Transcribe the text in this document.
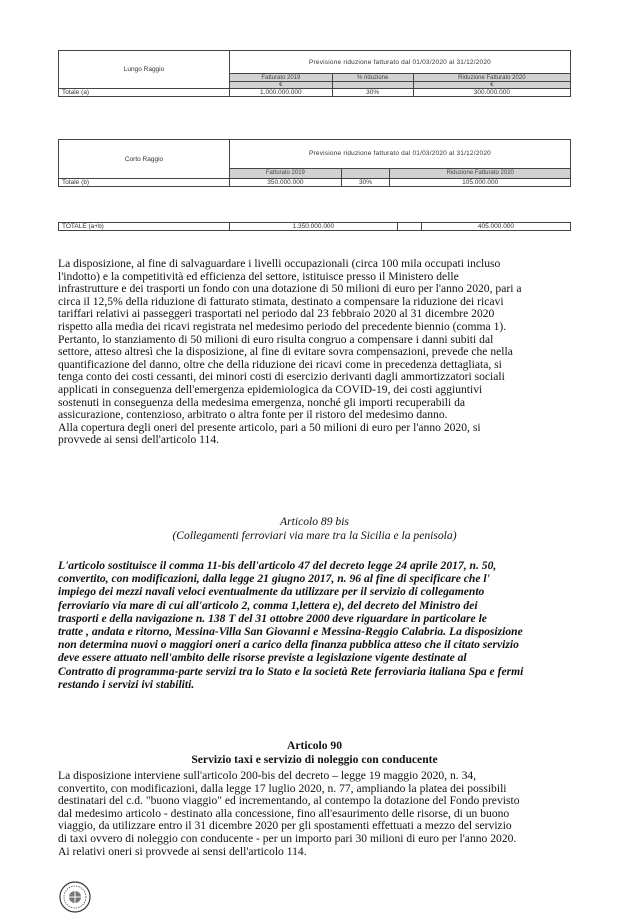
Lungo Raggio	Previsione riduzione fatturato dal 01/03/2020 al 31/12/2020		
	Fatturato 2019	% riduzione	Riduzione Fatturato 2020
	€		€
Totale (a)	1.000.000.000	30%	300.000.000
Corto Raggio	Previsione riduzione fatturato dal 01/03/2020 al 31/12/2020		
	Fatturato 2019		Riduzione Fatturato 2020
Totale (b)	350.000.000	30%	105.000.000
TOTALE (a+b)	1.350.000.000		405.000.000
La disposizione, al fine di salvaguardare i livelli occupazionali (circa 100 mila occupati incluso
l'indotto) e la competitività ed efficienza del settore, istituisce presso il Ministero delle
infrastrutture e dei trasporti un fondo con una dotazione di 50 milioni di euro per l'anno 2020, pari a
circa il 12,5% della riduzione di fatturato stimata, destinato a compensare la riduzione dei ricavi
tariffari relativi ai passeggeri trasportati nel periodo dal 23 febbraio 2020 al 31 dicembre 2020
rispetto alla media dei ricavi registrata nel medesimo periodo del precedente biennio (comma 1).
Pertanto, lo stanziamento di 50 milioni di euro risulta congruo a compensare i danni subiti dal
settore, atteso altresì che la disposizione, al fine di evitare sovra compensazioni, prevede che nella
quantificazione del danno, oltre che della riduzione dei ricavi come in precedenza dettagliata, si
tenga conto dei costi cessanti, dei minori costi di esercizio derivanti dagli ammortizzatori sociali
applicati in conseguenza dell'emergenza epidemiologica da COVID-19, dei costi aggiuntivi
sostenuti in conseguenza della medesima emergenza, nonché gli importi recuperabili da
assicurazione, contenzioso, arbitrato o altra fonte per il ristoro del medesimo danno.
Alla copertura degli oneri del presente articolo, pari a 50 milioni di euro per l'anno 2020, si
provvede ai sensi dell'articolo 114.
Articolo 89 bis
(Collegamenti ferroviari via mare tra la Sicilia e la penisola)
L'articolo sostituisce il comma 11-bis dell'articolo 47 del decreto legge 24 aprile 2017, n. 50,
convertito, con modificazioni, dalla legge 21 giugno 2017, n. 96 al fine di specificare che l'
impiego dei mezzi navali veloci eventualmente da utilizzare per il servizio di collegamento
ferroviario via mare di cui all'articolo 2, comma 1,lettera e), del decreto del Ministro dei
trasporti e della navigazione n. 138 T del 31 ottobre 2000 deve riguardare in particolare le
tratte , andata e ritorno, Messina-Villa San Giovanni e Messina-Reggio Calabria. La disposizione
non determina nuovi o maggiori oneri a carico della finanza pubblica atteso che il citato servizio
deve essere attuato nell'ambito delle risorse previste a legislazione vigente destinate al
Contratto di programma-parte servizi tra lo Stato e la società Rete ferroviaria italiana Spa e fermi
restando i servizi ivi stabiliti.
Articolo 90
Servizio taxi e servizio di noleggio con conducente
La disposizione interviene sull'articolo 200-bis del decreto – legge 19 maggio 2020, n. 34,
convertito, con modificazioni, dalla legge 17 luglio 2020, n. 77, ampliando la platea dei possibili
destinatari del c.d. "buono viaggio" ed incrementando, al contempo la dotazione del Fondo previsto
dal medesimo articolo - destinato alla concessione, fino all'esaurimento delle risorse, di un buono
viaggio, da utilizzare entro il 31 dicembre 2020 per gli spostamenti effettuati a mezzo del servizio
di taxi ovvero di noleggio con conducente - per un importo pari 30 milioni di euro per l'anno 2020.
Ai relativi oneri si provvede ai sensi dell'articolo 114.
